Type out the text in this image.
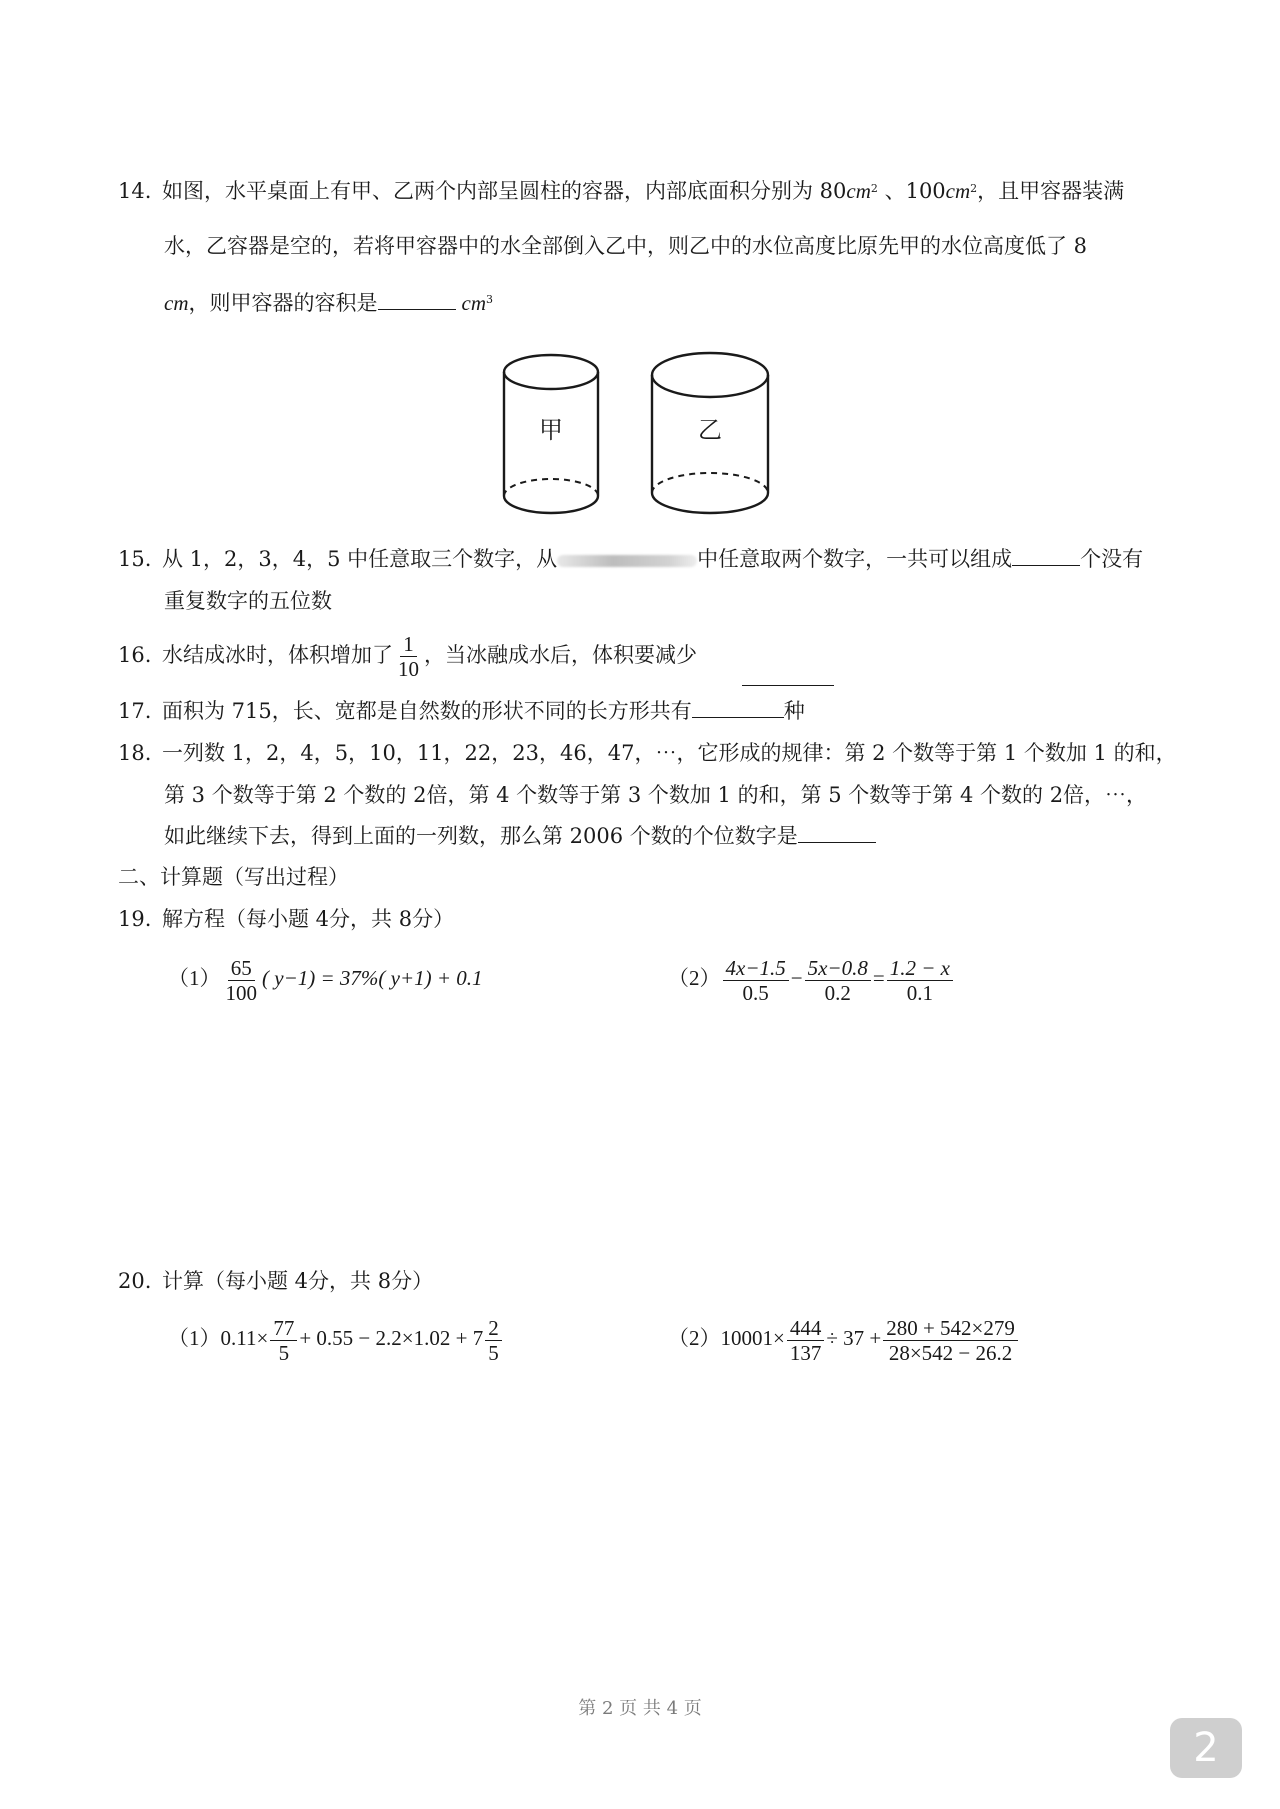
14. 如图，水平桌面上有甲、乙两个内部呈圆柱的容器，内部底面积分别为 $80cm^2$ 、$100cm^2$，且甲容器装满
水，乙容器是空的，若将甲容器中的水全部倒入乙中，则乙中的水位高度比原先甲的水位高度低了 8
cm，则甲容器的容积是	$cm^3$
甲	乙
15. 从 1，2，3，4，5 中任意取三个数字，从	中任意取两个数字，一共可以组成	个没有
重复数字的五位数
16. 水结成冰时，体积增加了 $\frac{1}{10}$ ，当冰融成水后，体积要减少
17. 面积为 715，长、宽都是自然数的形状不同的长方形共有	种
18. 一列数 1，2，4，5，10，11，22，23，46，47，⋯，它形成的规律：第 2 个数等于第 1 个数加 1 的和，
第 3 个数等于第 2 个数的 2倍，第 4 个数等于第 3 个数加 1 的和，第 5 个数等于第 4 个数的 2倍，⋯，
如此继续下去，得到上面的一列数，那么第 2006 个数的个位数字是
二、计算题（写出过程）
19. 解方程（每小题 4分，共 8分）
$(1) \frac{65}{100}$ ( y−1) = 37%( y+1) + 0.1	$(2) \frac{4x-1.5}{0.5} - \frac{5x-0.8}{0.2} = \frac{1.2 - x}{0.1}$
20. 计算（每小题 4分，共 8分）
$(1)0.11\times \frac{77}{5} + 0.55 - 2.2\times 1.02 + 7 \frac{2}{5}$	$(2)10001\times \frac{444}{137} \div 37 + \frac{280 + 542\times 279}{28\times 542 - 26.2}$
第 2 页 共 4 页
2
